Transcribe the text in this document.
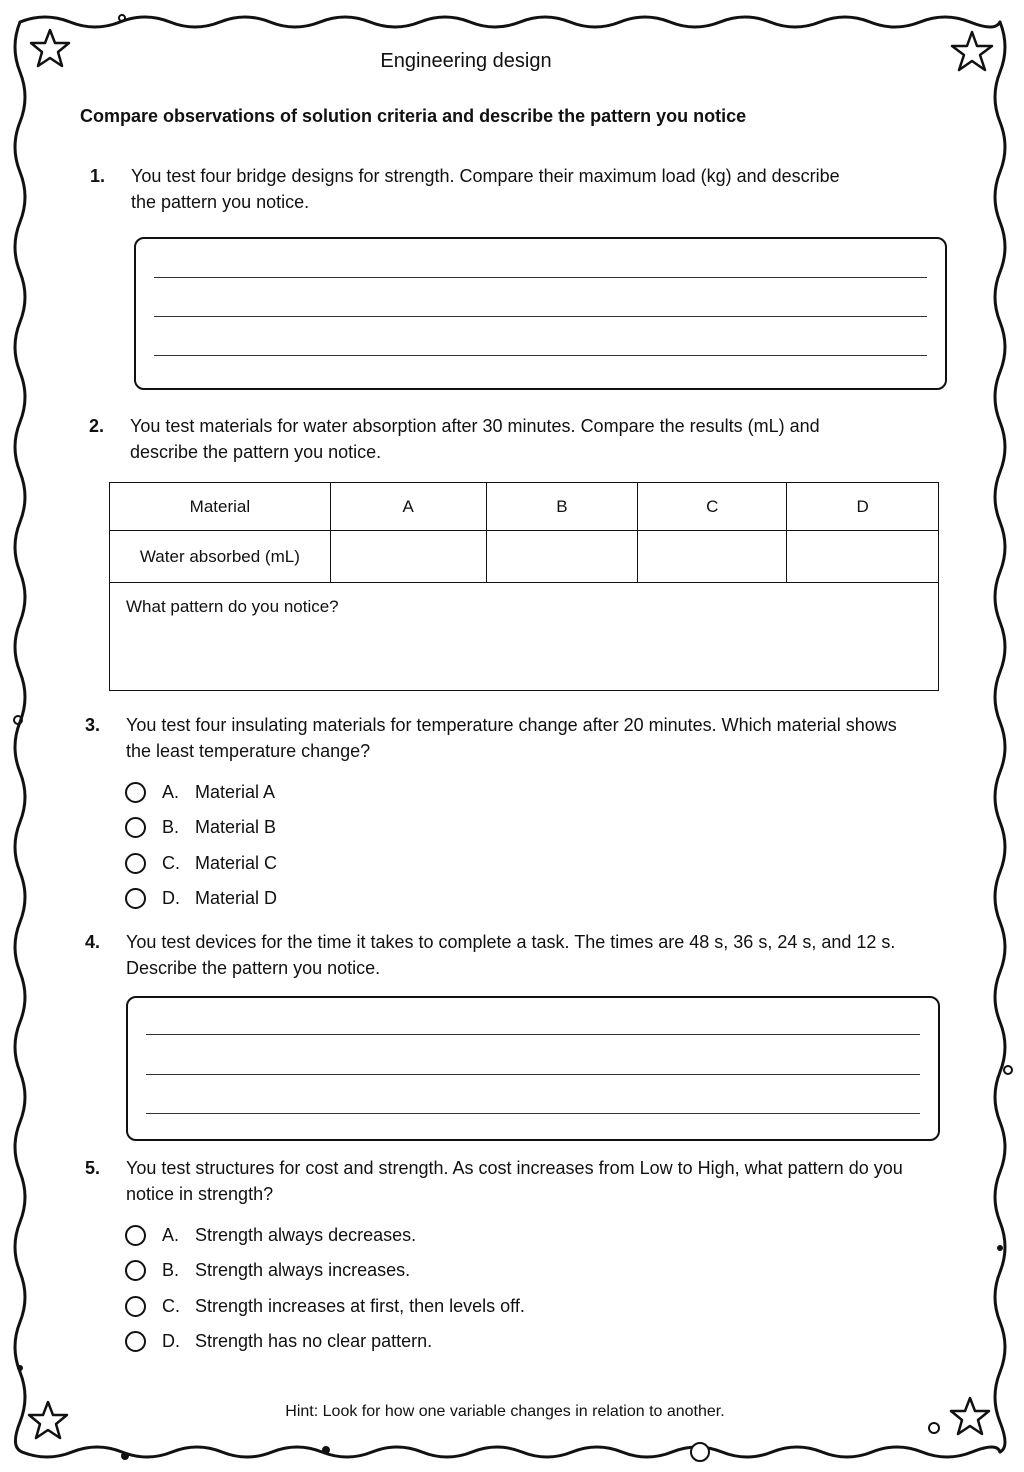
Engineering design
Compare observations of solution criteria and describe the pattern you notice
1. You test four bridge designs for strength. Compare their maximum load (kg) and describe the pattern you notice.
2. You test materials for water absorption after 30 minutes. Compare the results (mL) and describe the pattern you notice.
Material	A	B	C	D
Water absorbed (mL)				
What pattern do you notice?				
3. You test four insulating materials for temperature change after 20 minutes. Which material shows the least temperature change?
A. Material A
B. Material B
C. Material C
D. Material D
4. You test devices for the time it takes to complete a task. The times are 48 s, 36 s, 24 s, and 12 s. Describe the pattern you notice.
5. You test structures for cost and strength. As cost increases from Low to High, what pattern do you notice in strength?
A. Strength always decreases.
B. Strength always increases.
C. Strength increases at first, then levels off.
D. Strength has no clear pattern.
Hint: Look for how one variable changes in relation to another.
